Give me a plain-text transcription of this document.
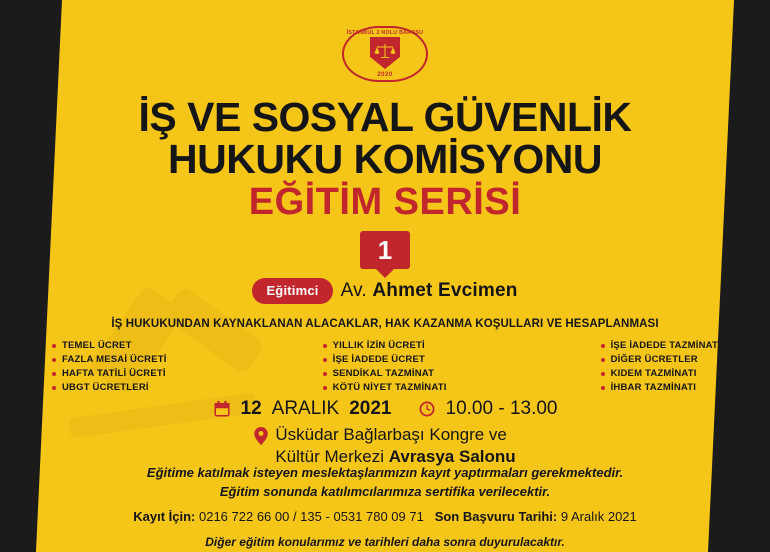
İSTANBUL 2 NOLU BAROSU
2020
İŞ VE SOSYAL GÜVENLİK
HUKUKU KOMİSYONU
EĞİTİM SERİSİ
1
Eğitimci	Av. Ahmet Evcimen
İŞ HUKUKUNDAN KAYNAKLANAN ALACAKLAR, HAK KAZANMA KOŞULLARI VE HESAPLANMASI
TEMEL ÜCRET
FAZLA MESAİ ÜCRETİ
HAFTA TATİLİ ÜCRETİ
UBGT ÜCRETLERİ
YILLIK İZİN ÜCRETİ
İŞE İADEDE ÜCRET
SENDİKAL TAZMİNAT
KÖTÜ NİYET TAZMİNATI
İŞE İADEDE TAZMİNAT
DİĞER ÜCRETLER
KIDEM TAZMİNATI
İHBAR TAZMİNATI
12 ARALIK 2021	10.00 - 13.00
Üsküdar Bağlarbaşı Kongre ve
Kültür Merkezi Avrasya Salonu
Eğitime katılmak isteyen meslektaşlarımızın kayıt yaptırmaları gerekmektedir.
Eğitim sonunda katılımcılarımıza sertifika verilecektir.
Kayıt İçin: 0216 722 66 00 / 135 - 0531 780 09 71 Son Başvuru Tarihi: 9 Aralık 2021
Diğer eğitim konularımız ve tarihleri daha sonra duyurulacaktır.
